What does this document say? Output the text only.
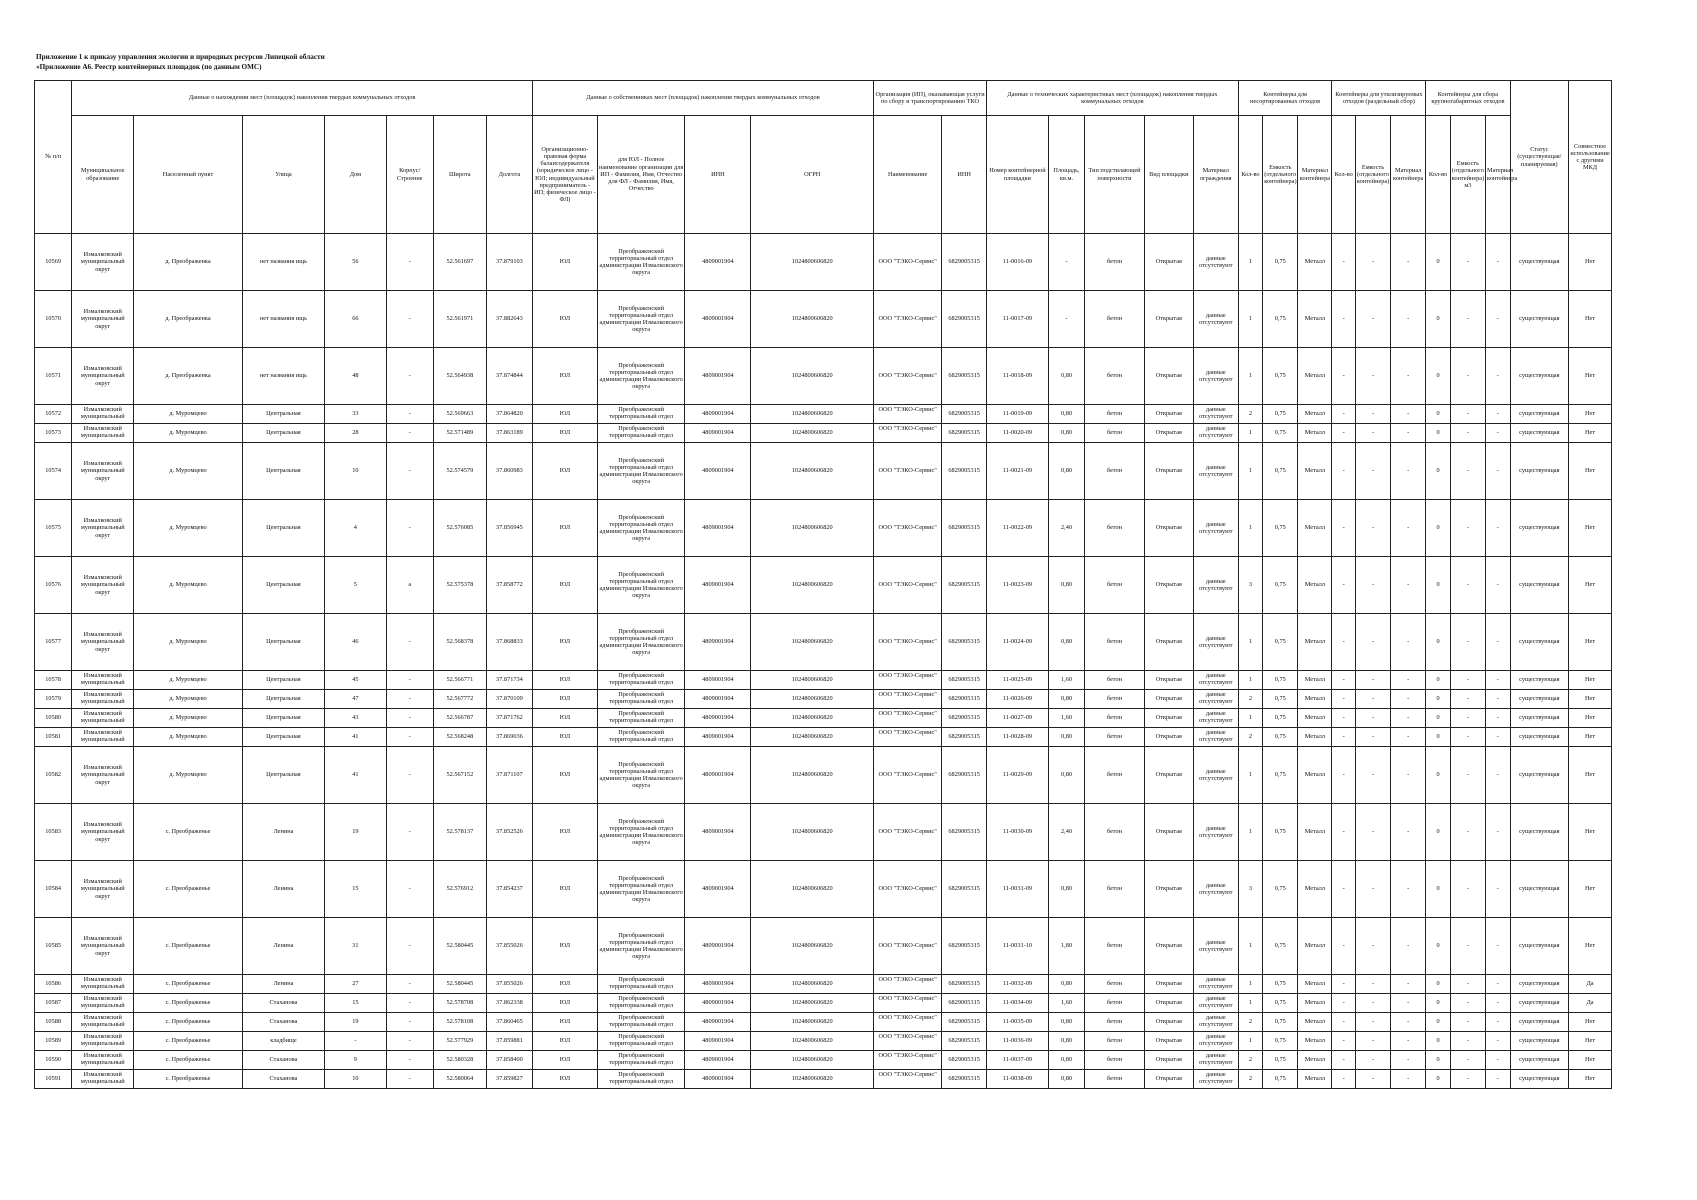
Приложение 1 к приказу управления экологии и природных ресурсов Липецкой области
«Приложение А6. Реестр контейнерных площадок (по данным ОМС)
№ п/п	Данные о нахождении мест (площадок) накопления твердых коммунальных отходов							Данные о собственниках мест (площадок) накопления твердых коммунальных отходов				Организация (ИП), оказывающая услуги по сбору и транспортированию ТКО		Данные о технических характеристиках мест (площадок) накопления твердых коммунальных отходов					Контейнеры для несортированных отходов			Контейнеры для утилизируемых отходов (раздельный сбор)			Контейнеры для сбора крупногабаритных отходов			Статус (существующая/планируемая)	Совместное использование с другими МКД
	Муниципальное образование	Населенный пункт	Улица	Дом	Корпус/Строение	Широта	Долгота	Организационно-правовая форма балансодержателя (юридическое лицо - ЮЛ; индивидуальный предприниматель - ИП; физическое лицо - ФЛ)	для ЮЛ - Полное наименование организации для ИП - Фамилия, Имя, Отчество для ФЛ - Фамилия, Имя, Отчество	ИНН	ОГРН	Наименование	ИНН	Номер контейнерной площадки	Площадь, кв.м.	Тип подстилающей поверхности	Вид площадки	Материал ограждения	Кол-во	Емкость (отдельного контейнера)	Материал контейнера	Кол-во	Емкость (отдельного контейнера)	Материал контейнера	Кол-во	Емкость (отдельного контейнера) м3	Материал контейнера		

10569	Измалковский муниципальный округ	д. Преображенка	нет названия ищь	56	-	52.561697	37.879103	ЮЛ	Преображенский территориальный отдел администрации Измалковского округа	4809001904	1024800606820	ООО "ТЭКО-Сервис"	6829005315	11-0016-09	-	бетон	Открытая	данные отсутствуют	1	0,75	Металл	-	-	-	0	-	-	существующая	Нет

10570	Измалковский муниципальный округ	д. Преображенка	нет названия ищь	66	-	52.561971	37.882643	ЮЛ	Преображенский территориальный отдел администрации Измалковского округа	4809001904	1024800606820	ООО "ТЭКО-Сервис"	6829005315	11-0017-09	-	бетон	Открытая	данные отсутствуют	1	0,75	Металл	-	-	-	0	-	-	существующая	Нет

10571	Измалковский муниципальный округ	д. Преображенка	нет названия ищь	48	-	52.564938	37.874844	ЮЛ	Преображенский территориальный отдел администрации Измалковского округа	4809001904	1024800606820	ООО "ТЭКО-Сервис"	6829005315	11-0018-09	0,80	бетон	Открытая	данные отсутствуют	1	0,75	Металл	-	-	-	0	-	-	существующая	Нет

10572	Измалковский муниципальный	д. Муромцево	Центральная	33	-	52.569663	37.864820	ЮЛ	Преображенский территориальный отдел	4809001904	1024800606820	ООО "ТЭКО-Сервис"	6829005315	11-0019-09	0,80	бетон	Открытая	данные отсутствуют	2	0,75	Металл	-	-	-	0	-	-	существующая	Нет

10573	Измалковский муниципальный	д. Муромцево	Центральная	28	-	52.571489	37.863189	ЮЛ	Преображенский территориальный отдел	4809001904	1024800606820	ООО "ТЭКО-Сервис"	6829005315	11-0020-09	0,80	бетон	Открытая	данные отсутствуют	1	0,75	Металл	-	-	-	0	-	-	существующая	Нет

10574	Измалковский муниципальный округ	д. Муромцево	Центральная	10	-	52.574579	37.860983	ЮЛ	Преображенский территориальный отдел администрации Измалковского округа	4809001904	1024800606820	ООО "ТЭКО-Сервис"	6829005315	11-0021-09	0,80	бетон	Открытая	данные отсутствуют	1	0,75	Металл	-	-	-	0	-	-	существующая	Нет

10575	Измалковский муниципальный округ	д. Муромцево	Центральная	4	-	52.576085	37.856945	ЮЛ	Преображенский территориальный отдел администрации Измалковского округа	4809001904	1024800606820	ООО "ТЭКО-Сервис"	6829005315	11-0022-09	2,40	бетон	Открытая	данные отсутствуют	1	0,75	Металл	-	-	-	0	-	-	существующая	Нет

10576	Измалковский муниципальный округ	д. Муромцево	Центральная	5	а	52.575378	37.858772	ЮЛ	Преображенский территориальный отдел администрации Измалковского округа	4809001904	1024800606820	ООО "ТЭКО-Сервис"	6829005315	11-0023-09	0,80	бетон	Открытая	данные отсутствуют	3	0,75	Металл	-	-	-	0	-	-	существующая	Нет

10577	Измалковский муниципальный округ	д. Муромцево	Центральная	46	-	52.568378	37.868833	ЮЛ	Преображенский территориальный отдел администрации Измалковского округа	4809001904	1024800606820	ООО "ТЭКО-Сервис"	6829005315	11-0024-09	0,80	бетон	Открытая	данные отсутствуют	1	0,75	Металл	-	-	-	0	-	-	существующая	Нет

10578	Измалковский муниципальный	д. Муромцево	Центральная	45	-	52.566771	37.871734	ЮЛ	Преображенский территориальный отдел	4809001904	1024800606820	ООО "ТЭКО-Сервис"	6829005315	11-0025-09	1,60	бетон	Открытая	данные отсутствуют	1	0,75	Металл	-	-	-	0	-	-	существующая	Нет

10579	Измалковский муниципальный	д. Муромцево	Центральная	47	-	52.567772	37.870109	ЮЛ	Преображенский территориальный отдел	4809001904	1024800606820	ООО "ТЭКО-Сервис"	6829005315	11-0026-09	0,80	бетон	Открытая	данные отсутствуют	2	0,75	Металл	-	-	-	0	-	-	существующая	Нет

10580	Измалковский муниципальный	д. Муромцево	Центральная	43	-	52.566787	37.871762	ЮЛ	Преображенский территориальный отдел	4809001904	1024800606820	ООО "ТЭКО-Сервис"	6829005315	11-0027-09	1,60	бетон	Открытая	данные отсутствуют	1	0,75	Металл	-	-	-	0	-	-	существующая	Нет

10581	Измалковский муниципальный	д. Муромцево	Центральная	41	-	52.568248	37.869036	ЮЛ	Преображенский территориальный отдел	4809001904	1024800606820	ООО "ТЭКО-Сервис"	6829005315	11-0028-09	0,80	бетон	Открытая	данные отсутствуют	2	0,75	Металл	-	-	-	0	-	-	существующая	Нет

10582	Измалковский муниципальный округ	д. Муромцево	Центральная	41	-	52.567152	37.871107	ЮЛ	Преображенский территориальный отдел администрации Измалковского округа	4809001904	1024800606820	ООО "ТЭКО-Сервис"	6829005315	11-0029-09	0,80	бетон	Открытая	данные отсутствуют	1	0,75	Металл	-	-	-	0	-	-	существующая	Нет

10583	Измалковский муниципальный округ	с. Преображенье	Ленина	19	-	52.578137	37.852526	ЮЛ	Преображенский территориальный отдел администрации Измалковского округа	4809001904	1024800606820	ООО "ТЭКО-Сервис"	6829005315	11-0030-09	2,40	бетон	Открытая	данные отсутствуют	1	0,75	Металл	-	-	-	0	-	-	существующая	Нет

10584	Измалковский муниципальный округ	с. Преображенье	Ленина	15	-	52.576912	37.854237	ЮЛ	Преображенский территориальный отдел администрации Измалковского округа	4809001904	1024800606820	ООО "ТЭКО-Сервис"	6829005315	11-0031-09	0,80	бетон	Открытая	данные отсутствуют	3	0,75	Металл	-	-	-	0	-	-	существующая	Нет

10585	Измалковский муниципальный округ	с. Преображенье	Ленина	31	-	52.580445	37.855026	ЮЛ	Преображенский территориальный отдел администрации Измалковского округа	4809001904	1024800606820	ООО "ТЭКО-Сервис"	6829005315	11-0031-10	1,80	бетон	Открытая	данные отсутствуют	1	0,75	Металл	-	-	-	0	-	-	существующая	Нет

10586	Измалковский муниципальный	с. Преображенье	Ленина	27	-	52.580445	37.855026	ЮЛ	Преображенский территориальный отдел	4809001904	1024800606820	ООО "ТЭКО-Сервис"	6829005315	11-0032-09	0,80	бетон	Открытая	данные отсутствуют	1	0,75	Металл	-	-	-	0	-	-	существующая	Да

10587	Измалковский муниципальный	с. Преображенье	Стаханова	15	-	52.578708	37.862338	ЮЛ	Преображенский территориальный отдел	4809001904	1024800606820	ООО "ТЭКО-Сервис"	6829005315	11-0034-09	1,60	бетон	Открытая	данные отсутствуют	1	0,75	Металл	-	-	-	0	-	-	существующая	Да

10588	Измалковский муниципальный	с. Преображенье	Стаханова	19	-	52.578108	37.860465	ЮЛ	Преображенский территориальный отдел	4809001904	1024800606820	ООО "ТЭКО-Сервис"	6829005315	11-0035-09	0,80	бетон	Открытая	данные отсутствуют	2	0,75	Металл	-	-	-	0	-	-	существующая	Нет

10589	Измалковский муниципальный	с. Преображенье	кладбище	-	-	52.577929	37.859881	ЮЛ	Преображенский территориальный отдел	4809001904	1024800606820	ООО "ТЭКО-Сервис"	6829005315	11-0036-09	0,80	бетон	Открытая	данные отсутствуют	1	0,75	Металл	-	-	-	0	-	-	существующая	Нет

10590	Измалковский муниципальный	с. Преображенье	Стаханова	9	-	52.580328	37.858400	ЮЛ	Преображенский территориальный отдел	4809001904	1024800606820	ООО "ТЭКО-Сервис"	6829005315	11-0037-09	0,80	бетон	Открытая	данные отсутствуют	2	0,75	Металл	-	-	-	0	-	-	существующая	Нет

10591	Измалковский муниципальный	с. Преображенье	Стаханова	10	-	52.580064	37.859827	ЮЛ	Преображенский территориальный отдел	4809001904	1024800606820	ООО "ТЭКО-Сервис"	6829005315	11-0038-09	0,80	бетон	Открытая	данные отсутствуют	2	0,75	Металл	-	-	-	0	-	-	существующая	Нет
